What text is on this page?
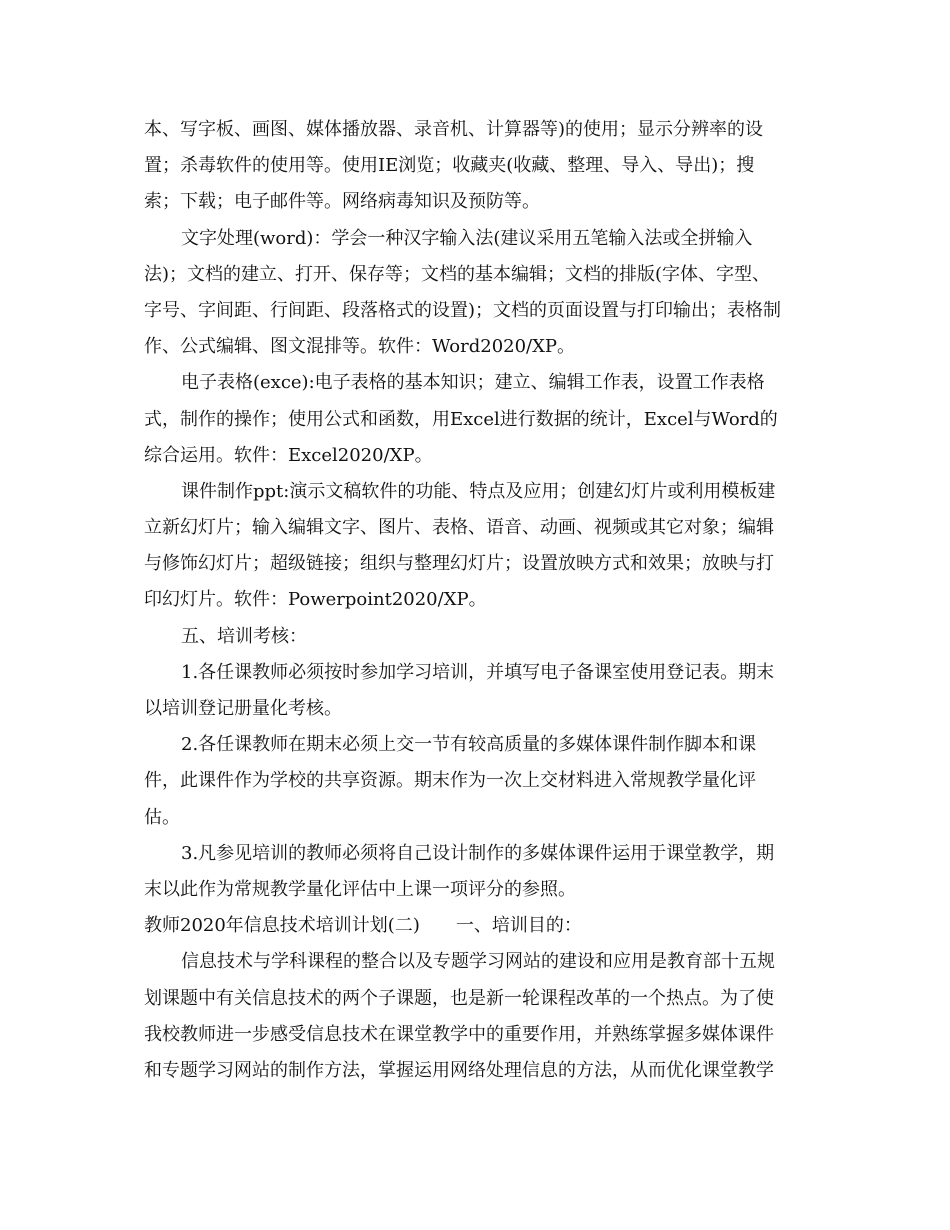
本、写字板、画图、媒体播放器、录音机、计算器等)的使用；显示分辨率的设
置；杀毒软件的使用等。使用IE浏览；收藏夹(收藏、整理、导入、导出)；搜
索；下载；电子邮件等。网络病毒知识及预防等。
文字处理(word)：学会一种汉字输入法(建议采用五笔输入法或全拼输入
法)；文档的建立、打开、保存等；文档的基本编辑；文档的排版(字体、字型、
字号、字间距、行间距、段落格式的设置)；文档的页面设置与打印输出；表格制
作、公式编辑、图文混排等。软件：Word2020/XP。
电子表格(exce):电子表格的基本知识；建立、编辑工作表，设置工作表格
式，制作的操作；使用公式和函数，用Excel进行数据的统计，Excel与Word的
综合运用。软件：Excel2020/XP。
课件制作ppt:演示文稿软件的功能、特点及应用；创建幻灯片或利用模板建
立新幻灯片；输入编辑文字、图片、表格、语音、动画、视频或其它对象；编辑
与修饰幻灯片；超级链接；组织与整理幻灯片；设置放映方式和效果；放映与打
印幻灯片。软件：Powerpoint2020/XP。
五、培训考核：
1.各任课教师必须按时参加学习培训，并填写电子备课室使用登记表。期末
以培训登记册量化考核。
2.各任课教师在期末必须上交一节有较高质量的多媒体课件制作脚本和课
件，此课件作为学校的共享资源。期末作为一次上交材料进入常规教学量化评
估。
3.凡参见培训的教师必须将自己设计制作的多媒体课件运用于课堂教学，期
末以此作为常规教学量化评估中上课一项评分的参照。
教师2020年信息技术培训计划(二)　　一、培训目的：
信息技术与学科课程的整合以及专题学习网站的建设和应用是教育部十五规
划课题中有关信息技术的两个子课题，也是新一轮课程改革的一个热点。为了使
我校教师进一步感受信息技术在课堂教学中的重要作用，并熟练掌握多媒体课件
和专题学习网站的制作方法，掌握运用网络处理信息的方法，从而优化课堂教学
